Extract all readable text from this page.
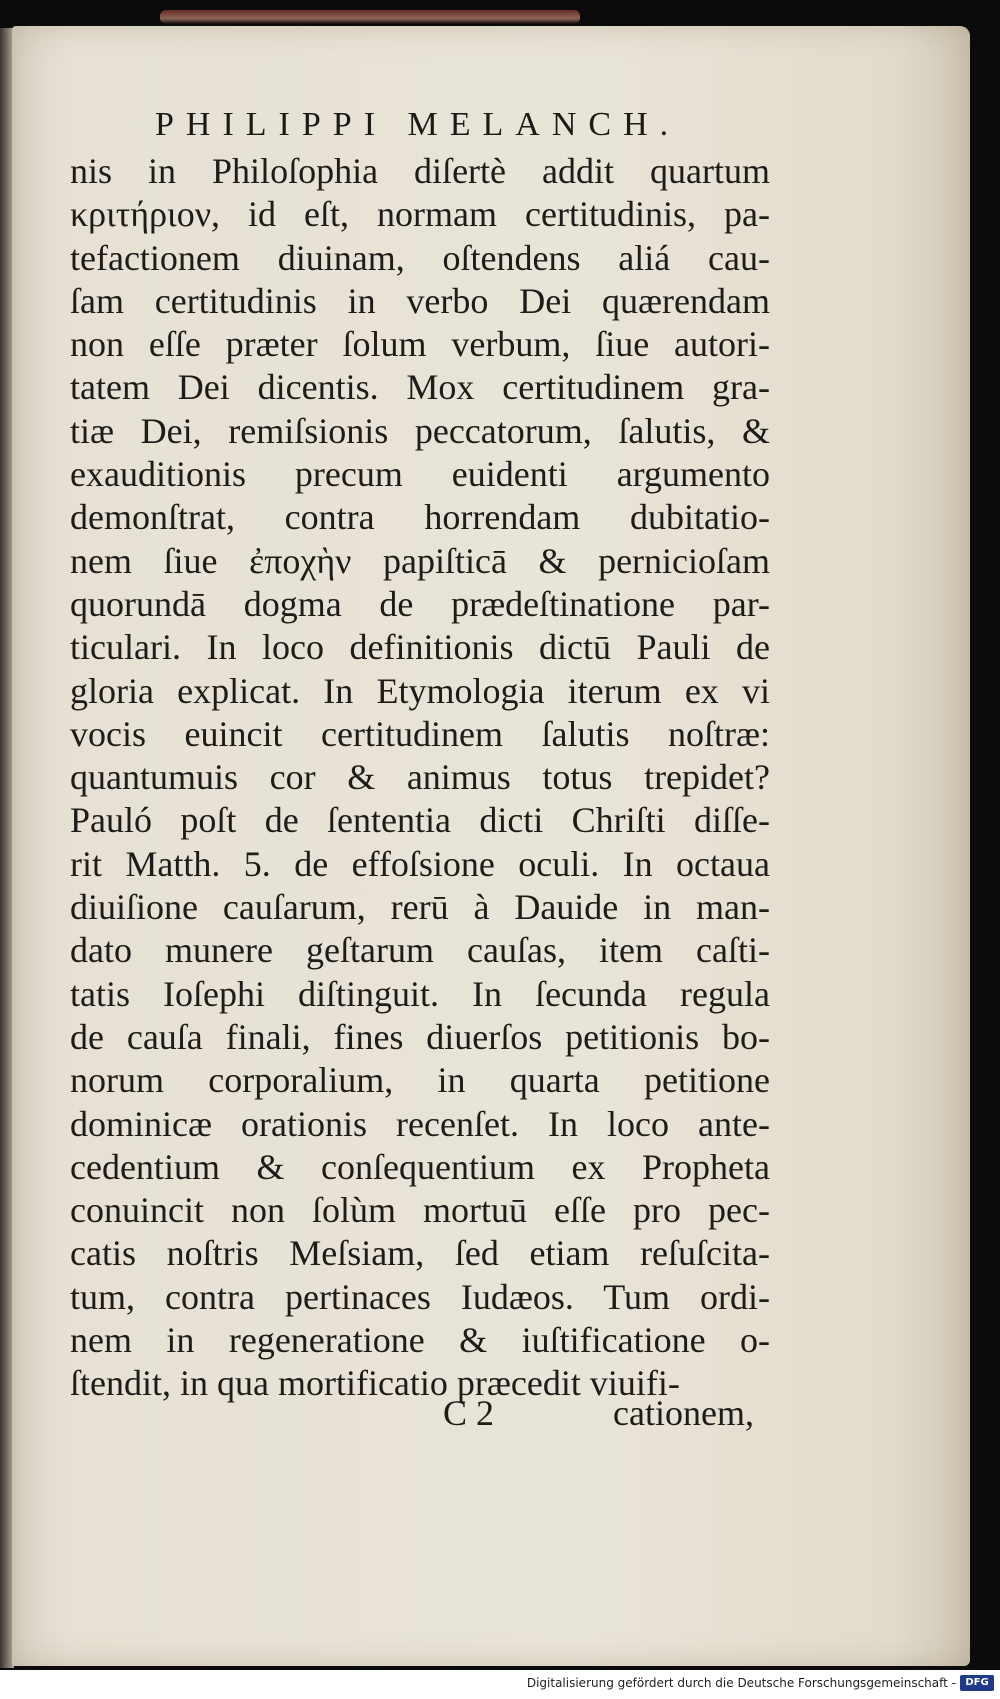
PHILIPPI MELANCH.
nis in Philoſophia diſertè addit quartum
κριτήριον, id eſt, normam certitudinis, pa-
tefactionem diuinam, oſtendens aliá cau-
ſam certitudinis in verbo Dei quærendam
non eſſe præter ſolum verbum, ſiue autori-
tatem Dei dicentis. Mox certitudinem gra-
tiæ Dei, remiſsionis peccatorum, ſalutis, &
exauditionis precum euidenti argumento
demonſtrat, contra horrendam dubitatio-
nem ſiue ἐποχὴν papiſticā & pernicioſam
quorundā dogma de prædeſtinatione par-
ticulari. In loco definitionis dictū Pauli de
gloria explicat. In Etymologia iterum ex vi
vocis euincit certitudinem ſalutis noſtræ:
quantumuis cor & animus totus trepidet?
Pauló poſt de ſententia dicti Chriſti diſſe-
rit Matth. 5. de effoſsione oculi. In octaua
diuiſione cauſarum, rerū à Dauide in man-
dato munere geſtarum cauſas, item caſti-
tatis Ioſephi diſtinguit. In ſecunda regula
de cauſa finali, fines diuerſos petitionis bo-
norum corporalium, in quarta petitione
dominicæ orationis recenſet. In loco ante-
cedentium & conſequentium ex Propheta
conuincit non ſolùm mortuū eſſe pro pec-
catis noſtris Meſsiam, ſed etiam reſuſcita-
tum, contra pertinaces Iudæos. Tum ordi-
nem in regeneratione & iuſtificatione o-
ſtendit, in qua mortificatio præcedit viuifi-
C 2	cationem,
Digitalisierung gefördert durch die Deutsche Forschungsgemeinschaft - DFG
